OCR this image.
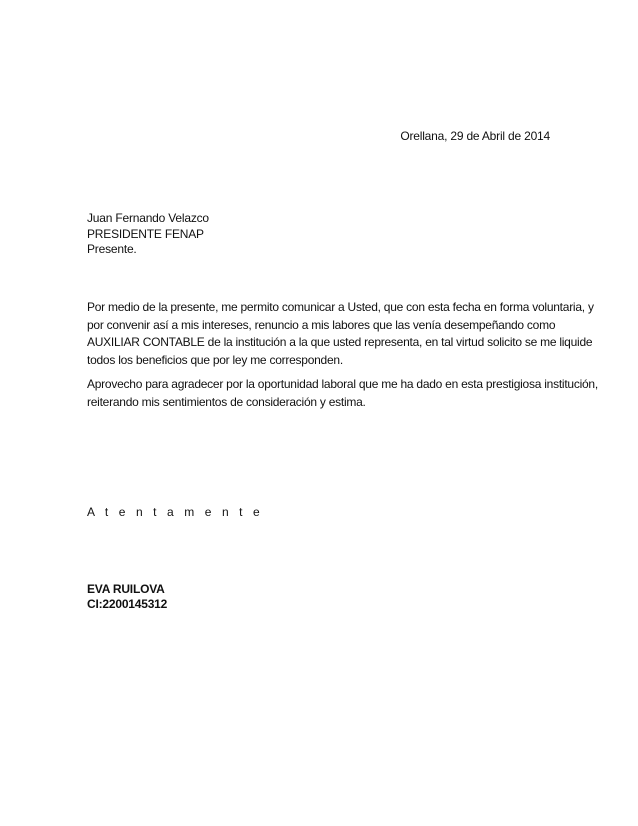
Orellana, 29 de Abril de 2014
Juan Fernando Velazco
PRESIDENTE FENAP
Presente.

Por medio de la presente, me permito comunicar a Usted, que con esta fecha en forma voluntaria, y
por convenir así a mis intereses, renuncio a mis labores que las venía desempeñando como
AUXILIAR CONTABLE de la institución a la que usted representa, en tal virtud solicito se me liquide
todos los beneficios que por ley me corresponden.

Aprovecho para agradecer por la oportunidad laboral que me ha dado en esta prestigiosa institución,
reiterando mis sentimientos de consideración y estima.

A t e n t a m e n t e
EVA RUILOVA
CI:2200145312
